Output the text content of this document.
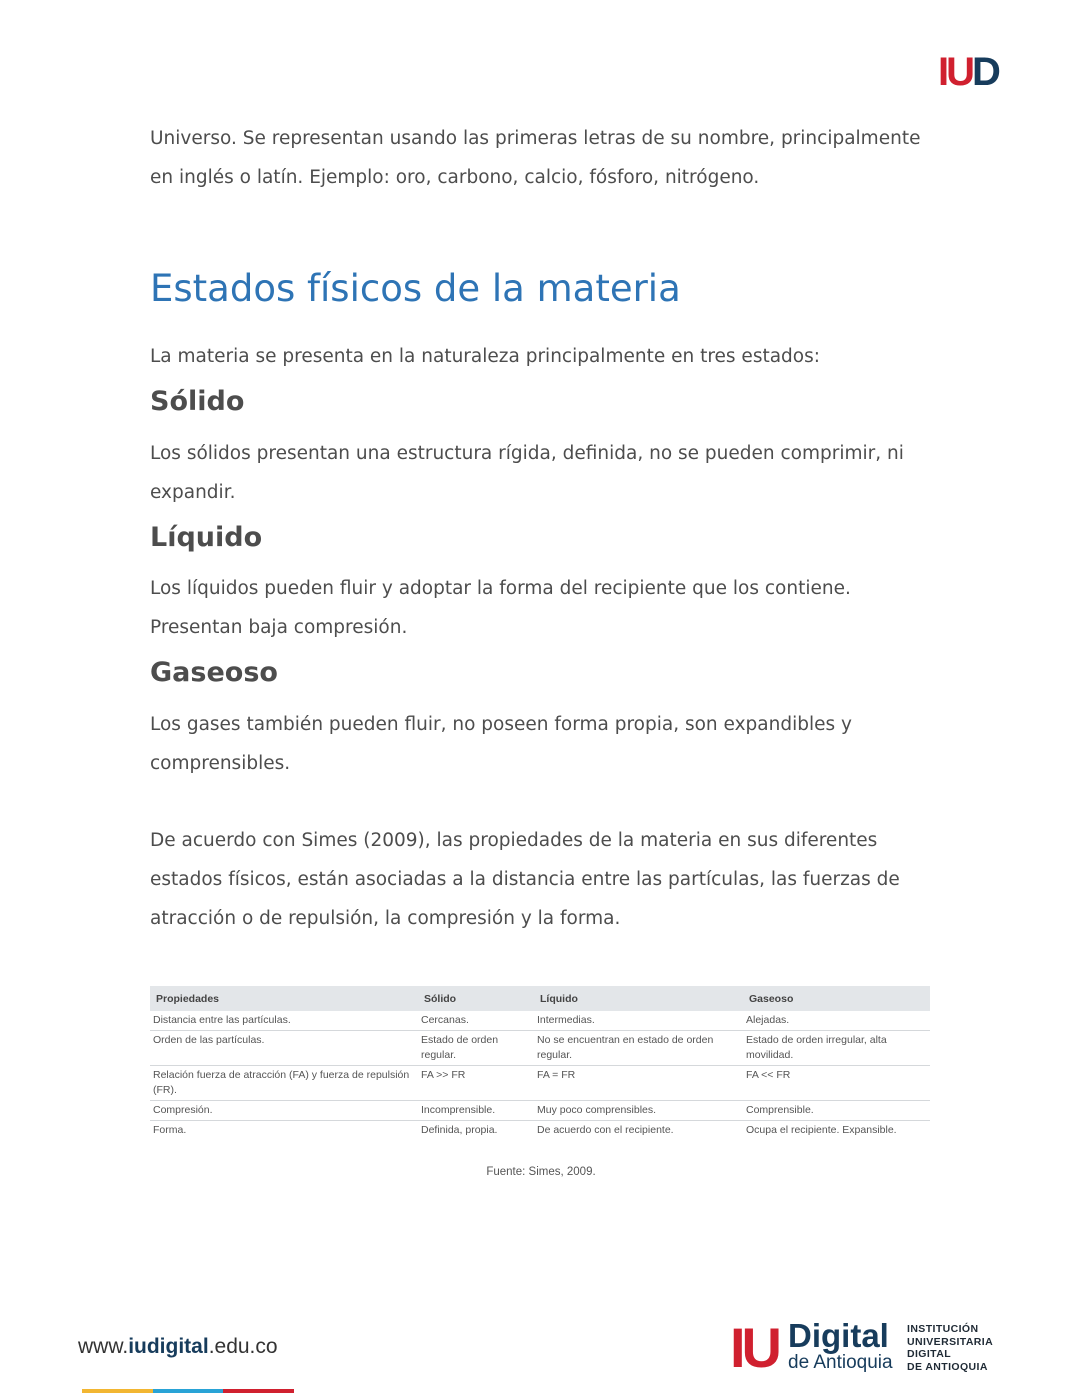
IUD

Universo. Se representan usando las primeras letras de su nombre, principalmente en inglés o latín. Ejemplo: oro, carbono, calcio, fósforo, nitrógeno.

Estados físicos de la materia

La materia se presenta en la naturaleza principalmente en tres estados:

Sólido

Los sólidos presentan una estructura rígida, definida, no se pueden comprimir, ni expandir.

Líquido

Los líquidos pueden fluir y adoptar la forma del recipiente que los contiene. Presentan baja compresión.

Gaseoso

Los gases también pueden fluir, no poseen forma propia, son expandibles y comprensibles.

De acuerdo con Simes (2009), las propiedades de la materia en sus diferentes estados físicos, están asociadas a la distancia entre las partículas, las fuerzas de atracción o de repulsión, la compresión y la forma.

Propiedades	Sólido	Líquido	Gaseoso
Distancia entre las partículas.	Cercanas.	Intermedias.	Alejadas.
Orden de las partículas.	Estado de orden regular.	No se encuentran en estado de orden regular.	Estado de orden irregular, alta movilidad.
Relación fuerza de atracción (FA) y fuerza de repulsión (FR).	FA >> FR	FA = FR	FA << FR
Compresión.	Incomprensible.	Muy poco comprensibles.	Comprensible.
Forma.	Definida, propia.	De acuerdo con el recipiente.	Ocupa el recipiente. Expansible.
Fuente: Simes, 2009.
www.iudigital.edu.co	IU Digital
de Antioquia
INSTITUCIÓN
UNIVERSITARIA
DIGITAL
DE ANTIOQUIA
